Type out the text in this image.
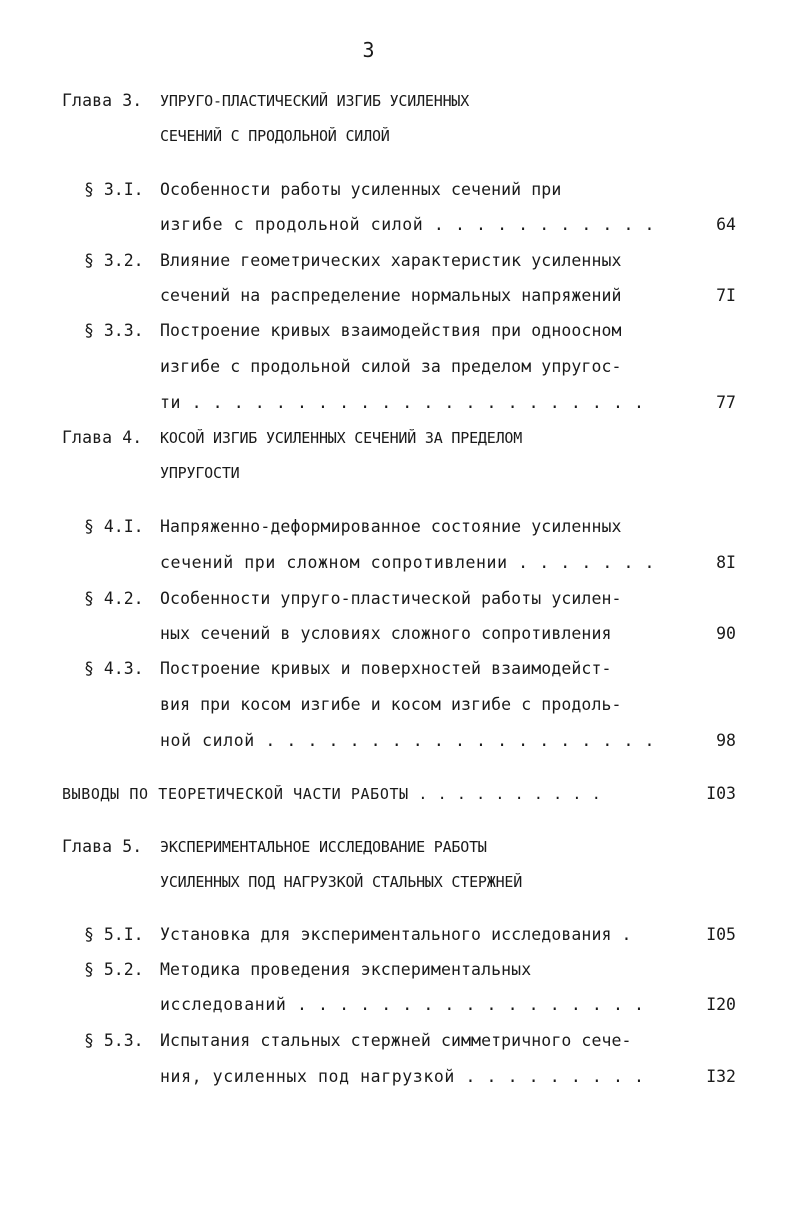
3
Глава 3. УПРУГО-ПЛАСТИЧЕСКИЙ ИЗГИБ УСИЛЕННЫХ
СЕЧЕНИЙ С ПРОДОЛЬНОЙ СИЛОЙ
§ 3.I. Особенности работы усиленных сечений при
изгибе с продольной силой . . . . . . . . . . .	64
§ 3.2. Влияние геометрических характеристик усиленных
сечений на распределение нормальных напряжений	7I
§ 3.3. Построение кривых взаимодействия при одноосном
изгибе с продольной силой за пределом упругос-
ти . . . . . . . . . . . . . . . . . . . . . .	77
Глава 4. КОСОЙ ИЗГИБ УСИЛЕННЫХ СЕЧЕНИЙ ЗА ПРЕДЕЛОМ
УПРУГОСТИ
§ 4.I. Напряженно-деформированное состояние усиленных
сечений при сложном сопротивлении . . . . . . .	8I
§ 4.2. Особенности упруго-пластической работы усилен-
ных сечений в условиях сложного сопротивления	90
§ 4.3. Построение кривых и поверхностей взаимодейст-
вия при косом изгибе и косом изгибе с продоль-
ной силой . . . . . . . . . . . . . . . . . . .	98
ВЫВОДЫ ПО ТЕОРЕТИЧЕСКОЙ ЧАСТИ РАБОТЫ . . . . . . . . . .	I03
Глава 5. ЭКСПЕРИМЕНТАЛЬНОЕ ИССЛЕДОВАНИЕ РАБОТЫ
УСИЛЕННЫХ ПОД НАГРУЗКОЙ СТАЛЬНЫХ СТЕРЖНЕЙ
§ 5.I. Установка для экспериментального исследования .	I05
§ 5.2. Методика проведения экспериментальных
исследований . . . . . . . . . . . . . . . . .	I20
§ 5.3. Испытания стальных стержней симметричного сече-
ния, усиленных под нагрузкой . . . . . . . . .	I32
